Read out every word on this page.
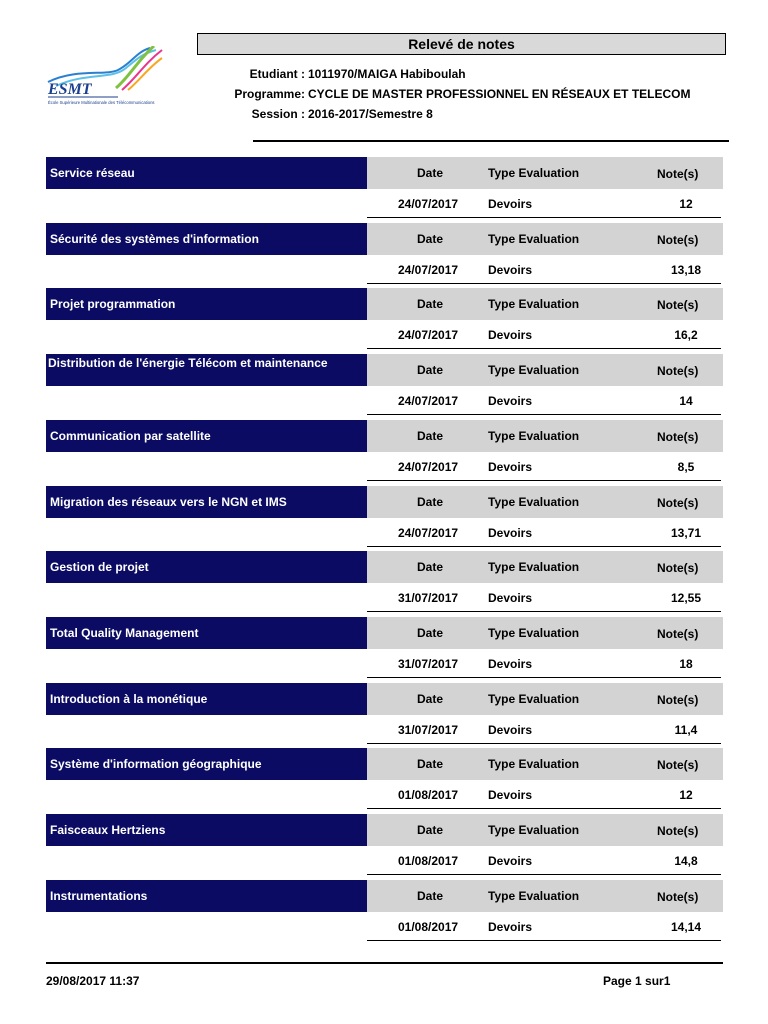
Relevé de notes
ESMT
École Supérieure Multinationale des Télécommunications
Etudiant : 1011970/MAIGA Habiboulah
Programme: CYCLE DE MASTER PROFESSIONNEL EN RÉSEAUX ET TELECOM
Session : 2016-2017/Semestre 8
Service réseau	Date	Type Evaluation	Note(s)
24/07/2017 Devoirs	12
Sécurité des systèmes d'information	Date	Type Evaluation	Note(s)
24/07/2017 Devoirs	13,18
Projet programmation	Date	Type Evaluation	Note(s)
24/07/2017 Devoirs	16,2
Distribution de l'énergie Télécom et maintenance	Date	Type Evaluation	Note(s)
24/07/2017 Devoirs	14
Communication par satellite	Date	Type Evaluation	Note(s)
24/07/2017 Devoirs	8,5
Migration des réseaux vers le NGN et IMS	Date	Type Evaluation	Note(s)
24/07/2017 Devoirs	13,71
Gestion de projet	Date	Type Evaluation	Note(s)
31/07/2017 Devoirs	12,55
Total Quality Management	Date	Type Evaluation	Note(s)
31/07/2017 Devoirs	18
Introduction à la monétique	Date	Type Evaluation	Note(s)
31/07/2017 Devoirs	11,4
Système d'information géographique	Date	Type Evaluation	Note(s)
01/08/2017 Devoirs	12
Faisceaux Hertziens	Date	Type Evaluation	Note(s)
01/08/2017 Devoirs	14,8
Instrumentations	Date	Type Evaluation	Note(s)
01/08/2017 Devoirs	14,14
29/08/2017 11:37	Page 1 sur1
